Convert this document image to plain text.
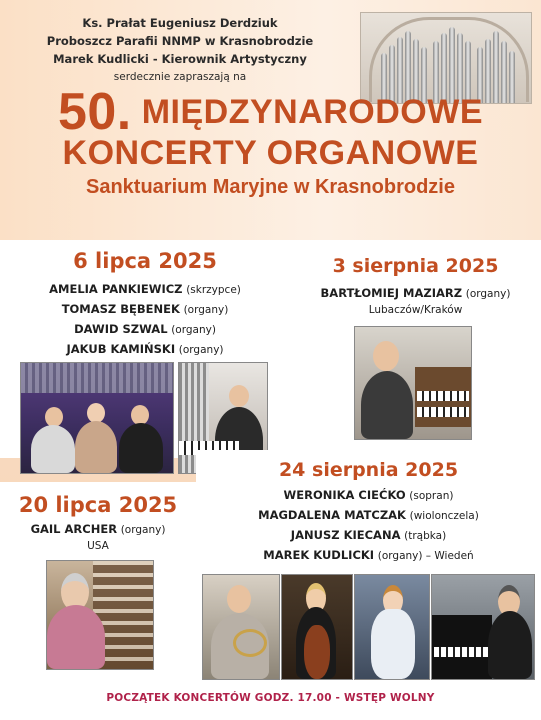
Ks. Prałat Eugeniusz Derdziuk
Proboszcz Parafii NNMP w Krasnobrodzie
Marek Kudlicki - Kierownik Artystyczny
serdecznie zapraszają na
50. MIĘDZYNARODOWE
KONCERTY ORGANOWE
Sanktuarium Maryjne w Krasnobrodzie
6 lipca 2025
AMELIA PANKIEWICZ (skrzypce)
TOMASZ BĘBENEK (organy)
DAWID SZWAL (organy)
JAKUB KAMIŃSKI (organy)
3 sierpnia 2025
BARTŁOMIEJ MAZIARZ (organy)
Lubaczów/Kraków
20 lipca 2025
GAIL ARCHER (organy)
USA
24 sierpnia 2025
WERONIKA CIEĆKO (sopran)
MAGDALENA MATCZAK (wiolonczela)
JANUSZ KIECANA (trąbka)
MAREK KUDLICKI (organy) – Wiedeń
POCZĄTEK KONCERTÓW GODZ. 17.00 - WSTĘP WOLNY
